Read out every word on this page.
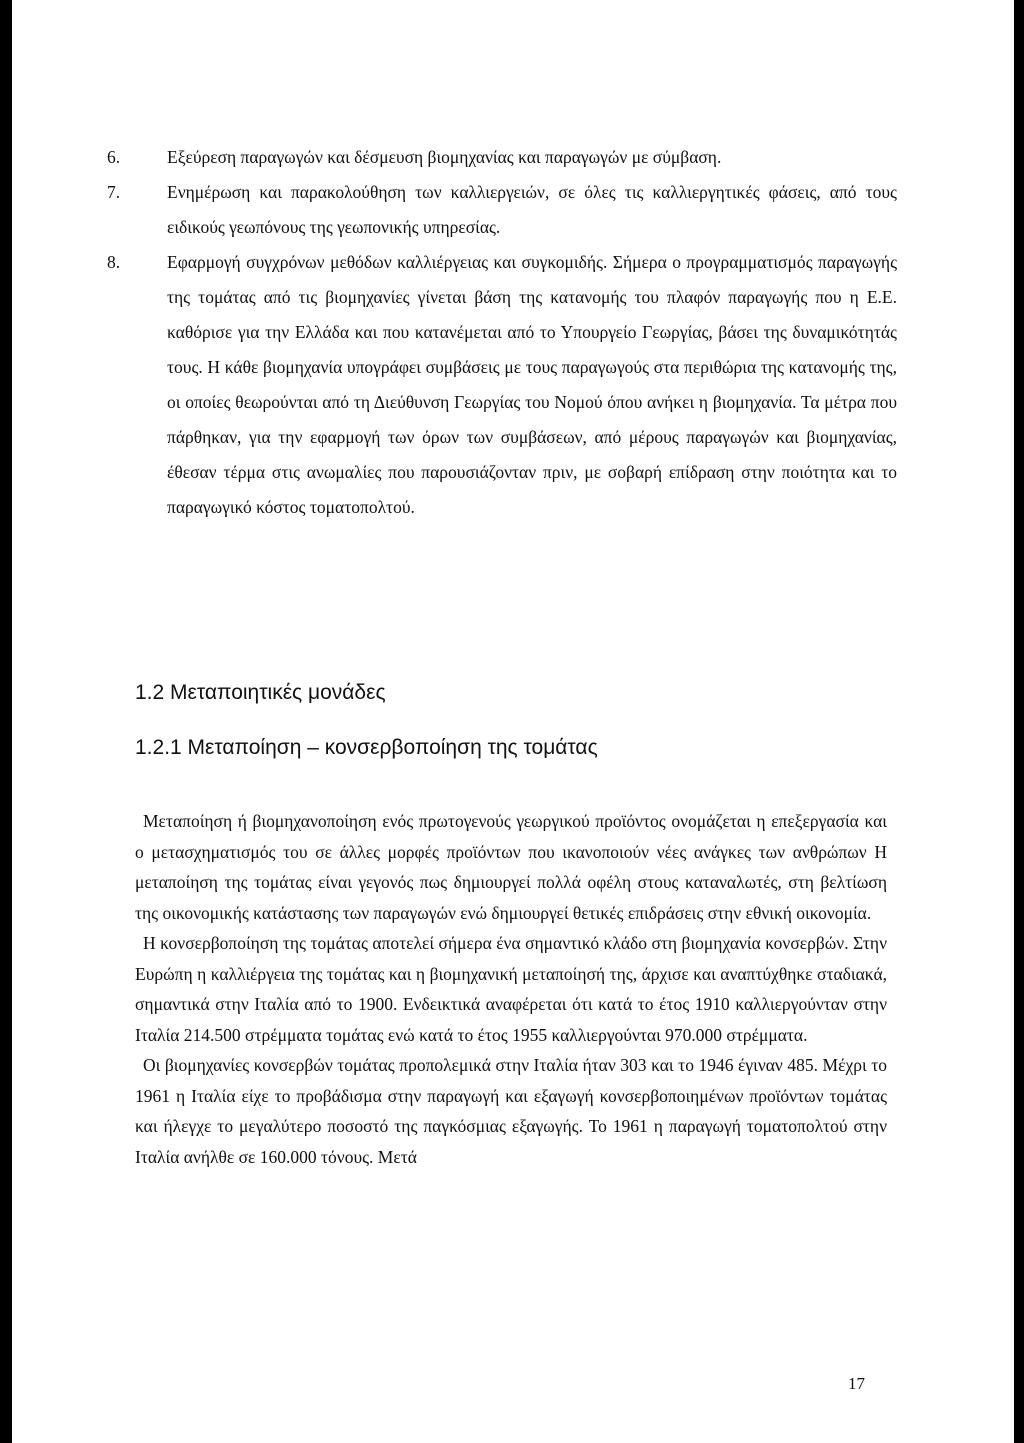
6.	Εξεύρεση παραγωγών και δέσμευση βιομηχανίας και παραγωγών με σύμβαση.
7.	Ενημέρωση και παρακολούθηση των καλλιεργειών, σε όλες τις καλλιεργητικές φάσεις, από τους ειδικούς γεωπόνους της γεωπονικής υπηρεσίας.
8.	Εφαρμογή συγχρόνων μεθόδων καλλιέργειας και συγκομιδής. Σήμερα ο προγραμματισμός παραγωγής της τομάτας από τις βιομηχανίες γίνεται βάση της κατανομής του πλαφόν παραγωγής που η Ε.Ε. καθόρισε για την Ελλάδα και που κατανέμεται από το Υπουργείο Γεωργίας, βάσει της δυναμικότητάς τους. Η κάθε βιομηχανία υπογράφει συμβάσεις με τους παραγωγούς στα περιθώρια της κατανομής της, οι οποίες θεωρούνται από τη Διεύθυνση Γεωργίας του Νομού όπου ανήκει η βιομηχανία. Τα μέτρα που πάρθηκαν, για την εφαρμογή των όρων των συμβάσεων, από μέρους παραγωγών και βιομηχανίας, έθεσαν τέρμα στις ανωμαλίες που παρουσιάζονταν πριν, με σοβαρή επίδραση στην ποιότητα και το παραγωγικό κόστος τοματοπολτού.
1.2 Μεταποιητικές μονάδες
1.2.1 Μεταποίηση – κονσερβοποίηση της τομάτας

Μεταποίηση ή βιομηχανοποίηση ενός πρωτογενούς γεωργικού προϊόντος ονομάζεται η επεξεργασία και ο μετασχηματισμός του σε άλλες μορφές προϊόντων που ικανοποιούν νέες ανάγκες των ανθρώπων Η μεταποίηση της τομάτας είναι γεγονός πως δημιουργεί πολλά οφέλη στους καταναλωτές, στη βελτίωση της οικονομικής κατάστασης των παραγωγών ενώ δημιουργεί θετικές επιδράσεις στην εθνική οικονομία.

Η κονσερβοποίηση της τομάτας αποτελεί σήμερα ένα σημαντικό κλάδο στη βιομηχανία κονσερβών. Στην Ευρώπη η καλλιέργεια της τομάτας και η βιομηχανική μεταποίησή της, άρχισε και αναπτύχθηκε σταδιακά, σημαντικά στην Ιταλία από το 1900. Ενδεικτικά αναφέρεται ότι κατά το έτος 1910 καλλιεργούνταν στην Ιταλία 214.500 στρέμματα τομάτας ενώ κατά το έτος 1955 καλλιεργούνται 970.000 στρέμματα.

Οι βιομηχανίες κονσερβών τομάτας προπολεμικά στην Ιταλία ήταν 303 και το 1946 έγιναν 485. Μέχρι το 1961 η Ιταλία είχε το προβάδισμα στην παραγωγή και εξαγωγή κονσερβοποιημένων προϊόντων τομάτας και ήλεγχε το μεγαλύτερο ποσοστό της παγκόσμιας εξαγωγής. Το 1961 η παραγωγή τοματοπολτού στην Ιταλία ανήλθε σε 160.000 τόνους. Μετά

17
